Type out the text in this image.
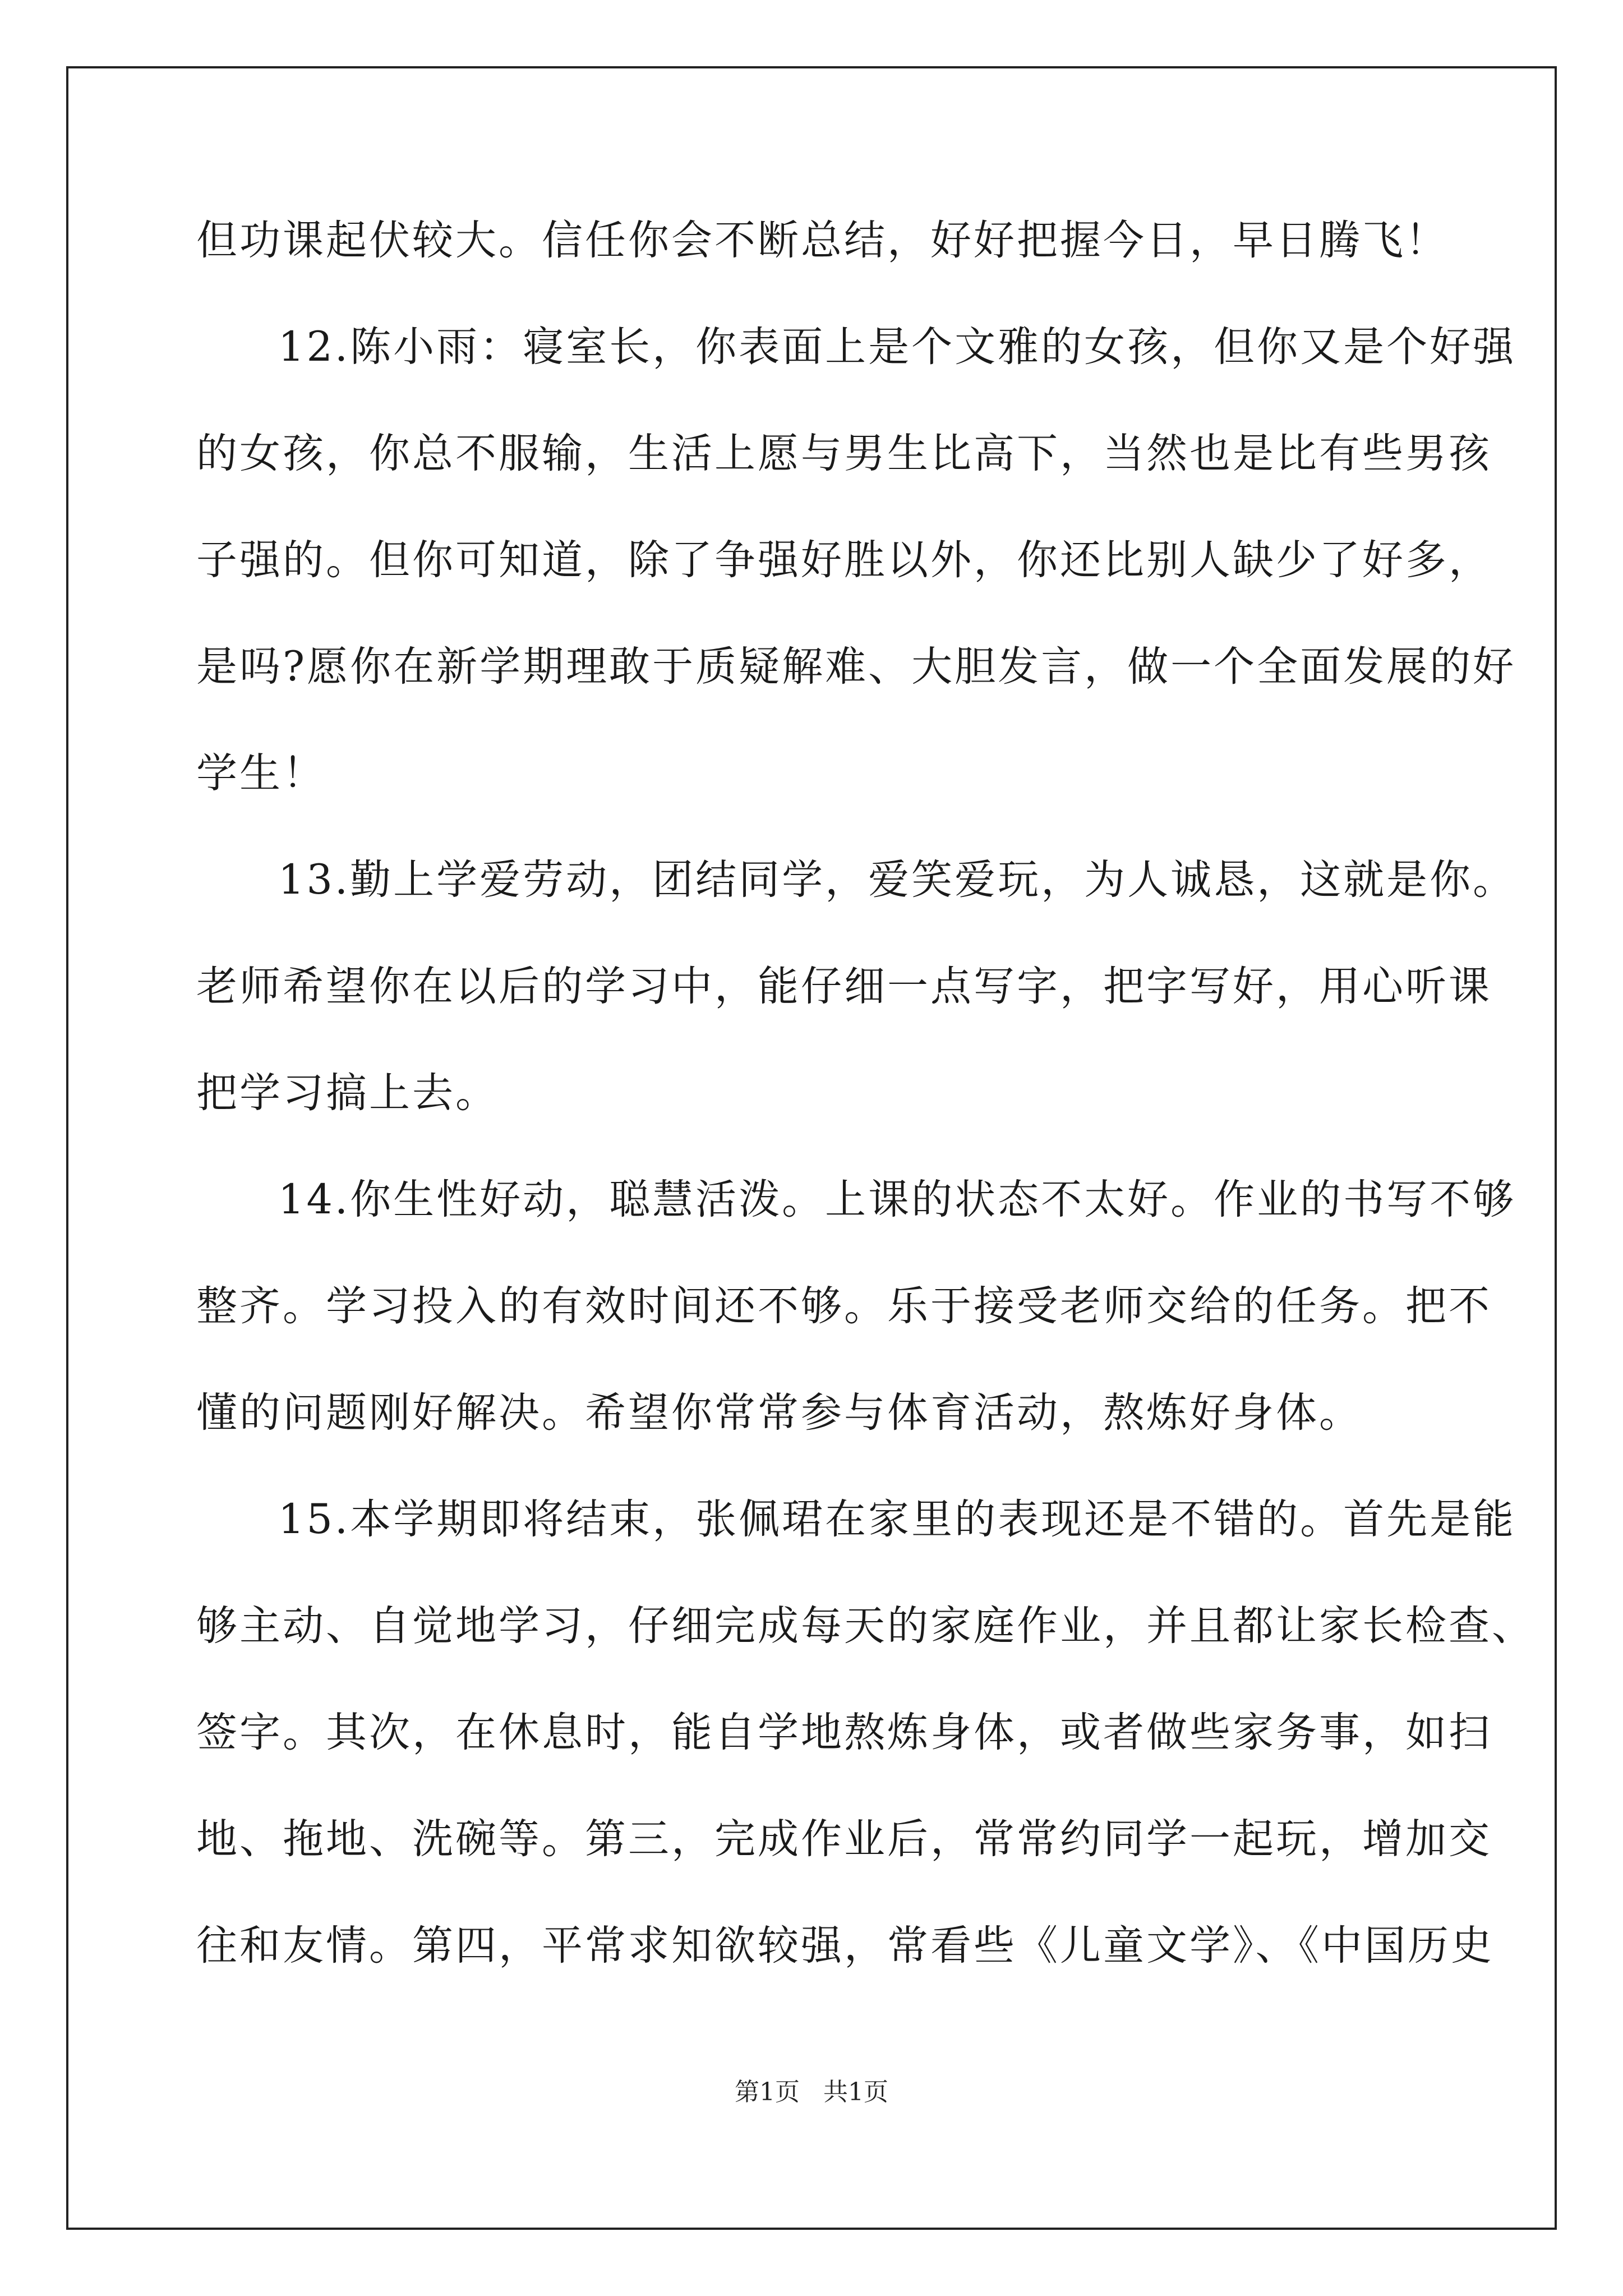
但功课起伏较大。信任你会不断总结，好好把握今日，早日腾飞！
12.陈小雨：寝室长，你表面上是个文雅的女孩，但你又是个好强
的女孩，你总不服输，生活上愿与男生比高下，当然也是比有些男孩
子强的。但你可知道，除了争强好胜以外，你还比别人缺少了好多，
是吗?愿你在新学期理敢于质疑解难、大胆发言，做一个全面发展的好
学生！
13.勤上学爱劳动，团结同学，爱笑爱玩，为人诚恳，这就是你。
老师希望你在以后的学习中，能仔细一点写字，把字写好，用心听课
把学习搞上去。
14.你生性好动，聪慧活泼。上课的状态不太好。作业的书写不够
整齐。学习投入的有效时间还不够。乐于接受老师交给的任务。把不
懂的问题刚好解决。希望你常常参与体育活动，熬炼好身体。
15.本学期即将结束，张佩珺在家里的表现还是不错的。首先是能
够主动、自觉地学习，仔细完成每天的家庭作业，并且都让家长检查、
签字。其次，在休息时，能自学地熬炼身体，或者做些家务事，如扫
地、拖地、洗碗等。第三，完成作业后，常常约同学一起玩，增加交
往和友情。第四，平常求知欲较强，常看些《儿童文学》、《中国历史
第1页   共1页
